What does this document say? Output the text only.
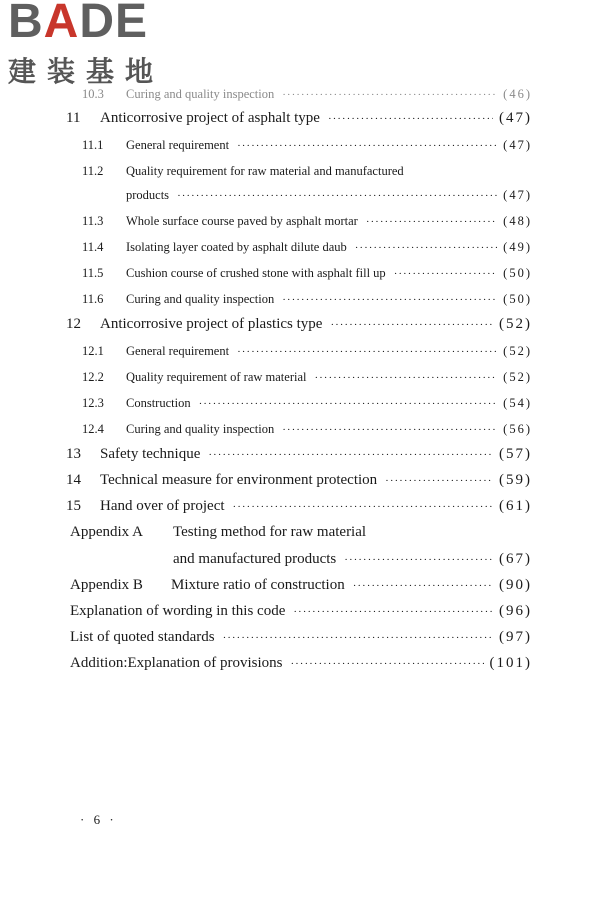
BADE
建装基地
10.3	Curing and quality inspection ·····	(46)
11	Anticorrosive project of asphalt type ·····	(47)
11.1	General requirement ·····	(47)
11.2 Quality requirement for raw material and manufactured
products ·····	(47)
11.3	Whole surface course paved by asphalt mortar ·····	(48)
11.4	Isolating layer coated by asphalt dilute daub ·····	(49)
11.5	Cushion course of crushed stone with asphalt fill up ·····	(50)
11.6	Curing and quality inspection ·····	(50)
12	Anticorrosive project of plastics type ·····	(52)
12.1	General requirement ·····	(52)
12.2	Quality requirement of raw material ·····	(52)
12.3	Construction ·····	(54)
12.4	Curing and quality inspection ·····	(56)
13	Safety technique ·····	(57)
14	Technical measure for environment protection ·····	(59)
15	Hand over of project ·····	(61)
Appendix A Testing method for raw material
and manufactured products ·····	(67)
Appendix B	Mixture ratio of construction ·····	(90)
Explanation of wording in this code ·····	(96)
List of quoted standards ·····	(97)
Addition:Explanation of provisions ·····	(101)
· 6 ·
